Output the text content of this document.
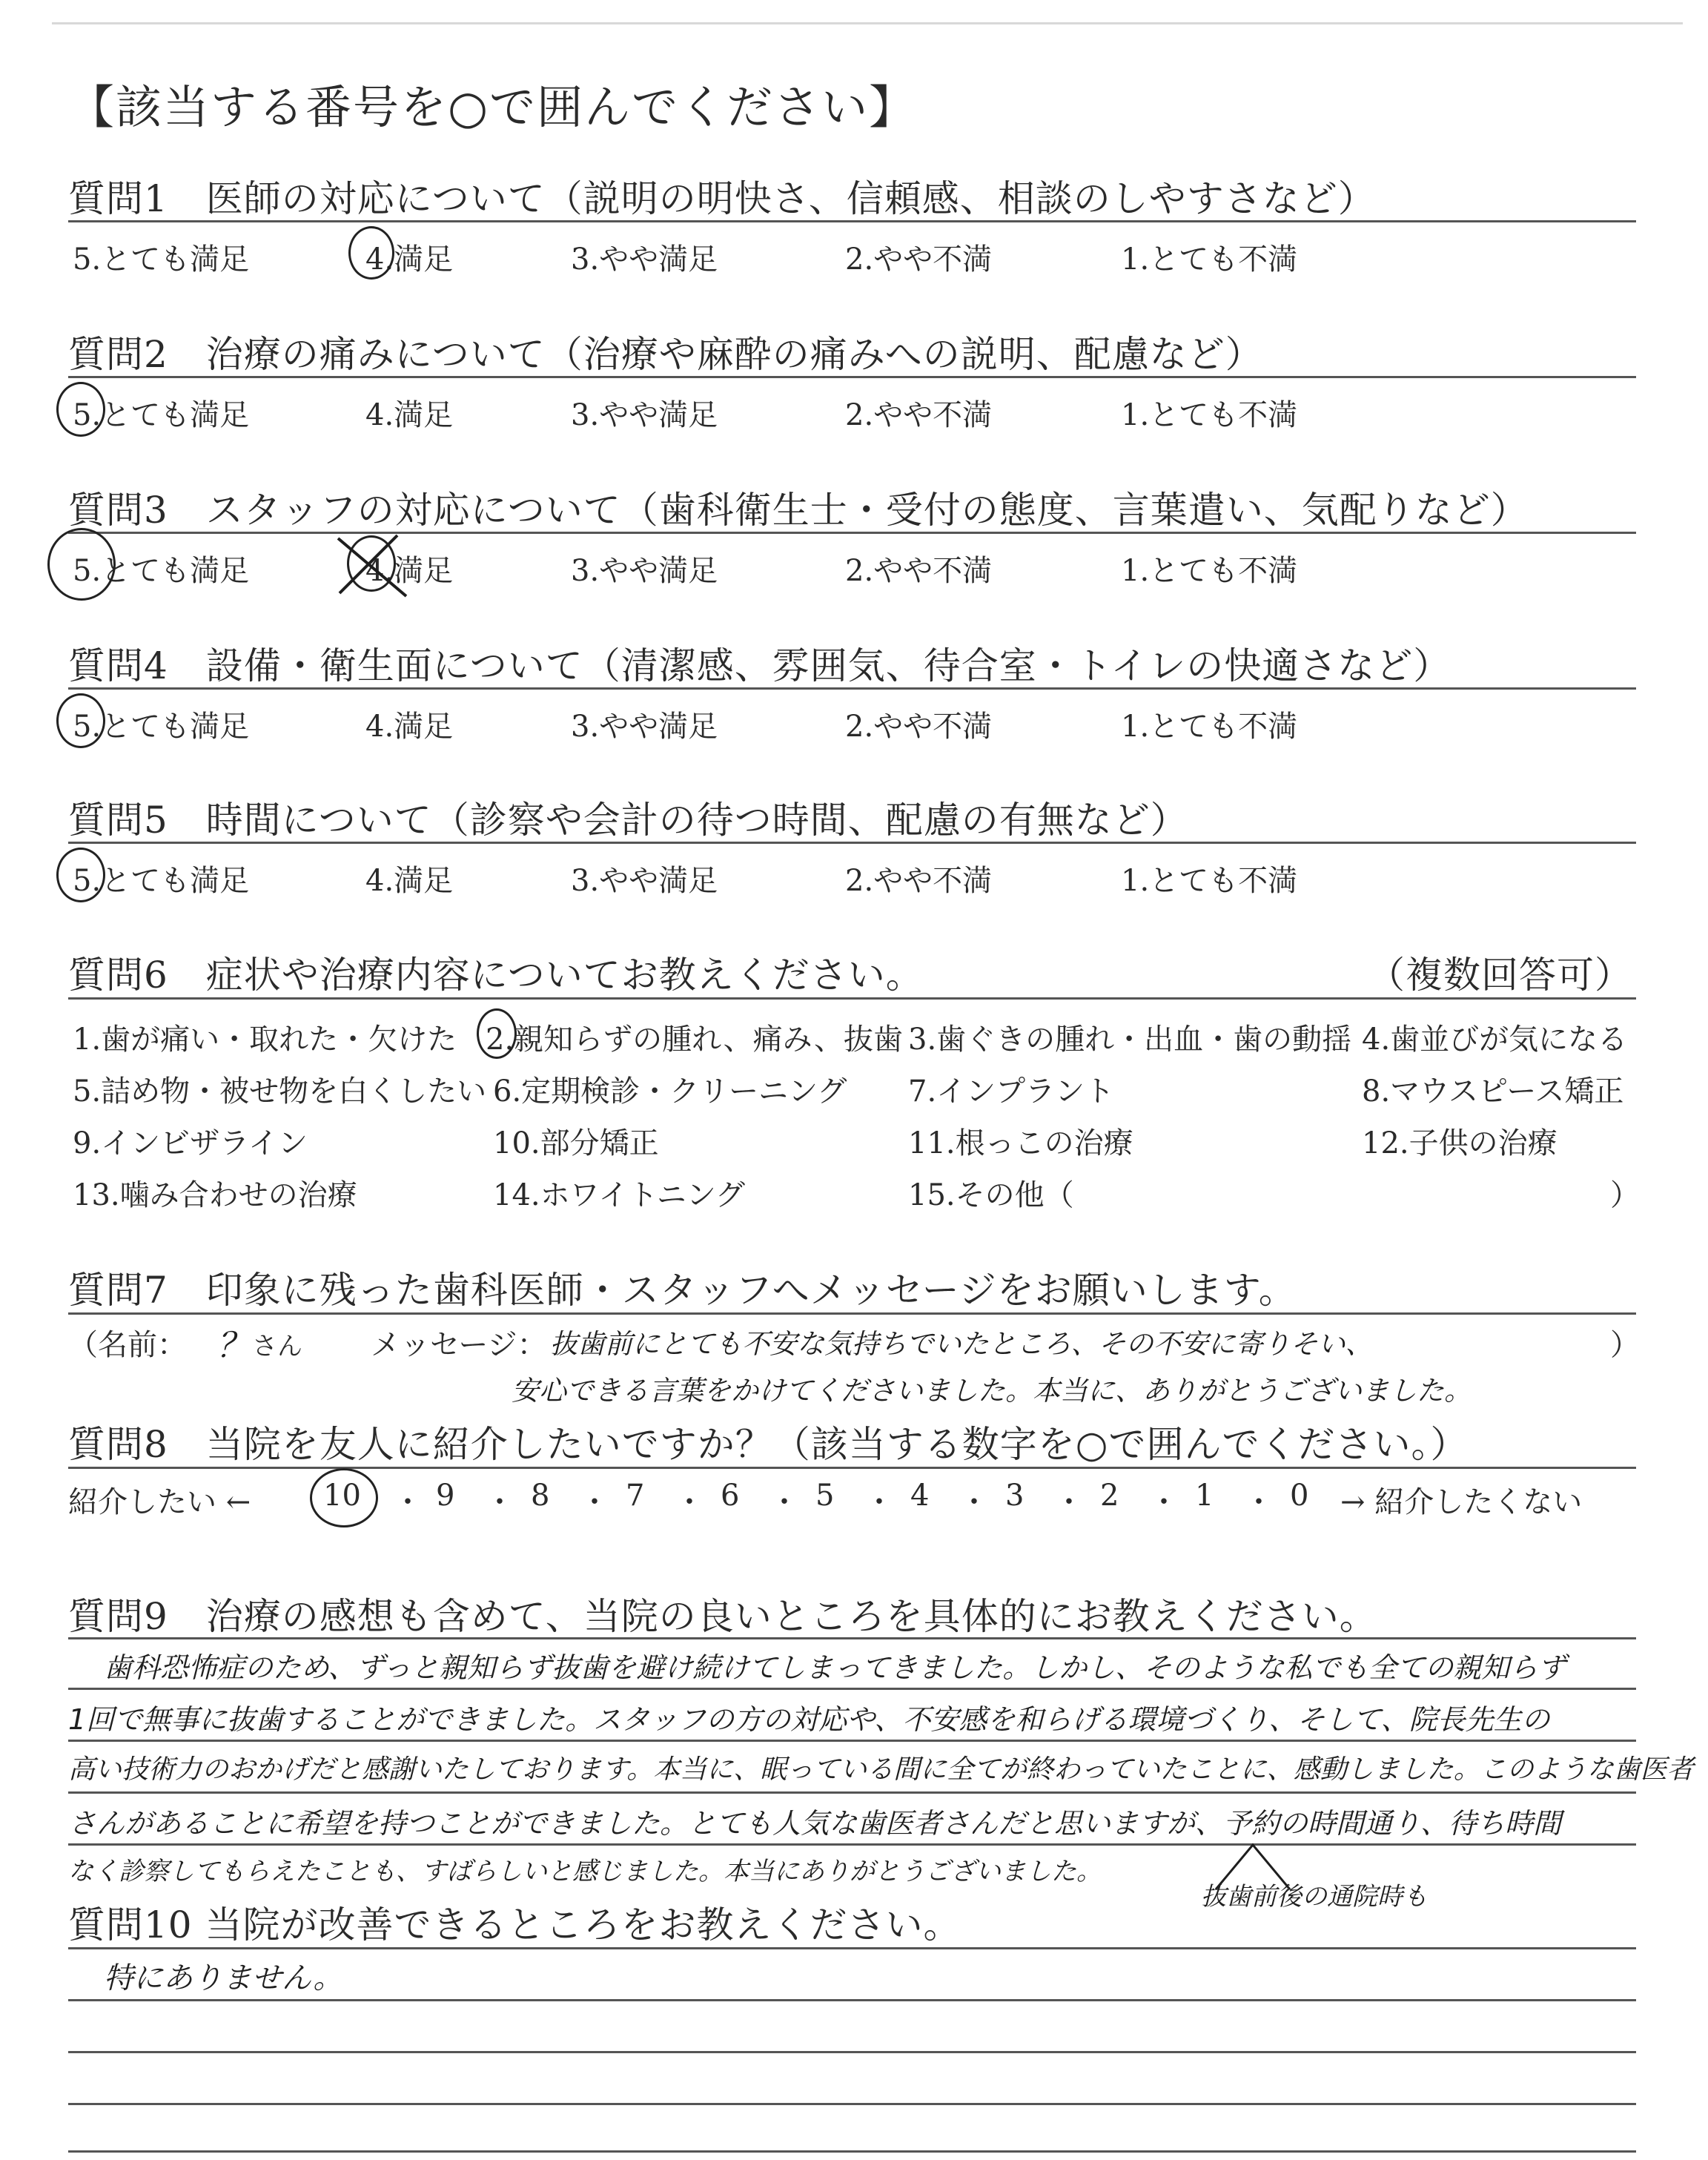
【該当する番号を○で囲んでください】
質問1　医師の対応について（説明の明快さ、信頼感、相談のしやすさなど）
5.とても満足	4.満足	3.やや満足	2.やや不満	1.とても不満
質問2　治療の痛みについて（治療や麻酔の痛みへの説明、配慮など）
5.とても満足	4.満足	3.やや満足	2.やや不満	1.とても不満
質問3　スタッフの対応について（歯科衛生士・受付の態度、言葉遣い、気配りなど）
5.とても満足	4.満足	3.やや満足	2.やや不満	1.とても不満
質問4　設備・衛生面について（清潔感、雰囲気、待合室・トイレの快適さなど）
5.とても満足	4.満足	3.やや満足	2.やや不満	1.とても不満
質問5　時間について（診察や会計の待つ時間、配慮の有無など）
5.とても満足	4.満足	3.やや満足	2.やや不満	1.とても不満
質問6　症状や治療内容についてお教えください。	（複数回答可）
1.歯が痛い・取れた・欠けた 2.親知らずの腫れ、痛み、抜歯 3.歯ぐきの腫れ・出血・歯の動揺 4.歯並びが気になる
5.詰め物・被せ物を白くしたい 6.定期検診・クリーニング 7.インプラント	8.マウスピース矯正
9.インビザライン	10.部分矯正	11.根っこの治療	12.子供の治療
13.噛み合わせの治療	14.ホワイトニング	15.その他（	）
質問7　印象に残った歯科医師・スタッフへメッセージをお願いします。
（名前： ？ さん メッセージ：	）
抜歯前にとても不安な気持ちでいたところ、その不安に寄りそい、
安心できる言葉をかけてくださいました。本当に、ありがとうございました。
質問8　当院を友人に紹介したいですか？（該当する数字を○で囲んでください。）
紹介したい ←	→ 紹介したくない
10 ・ 9 ・ 8 ・ 7 ・ 6 ・ 5 ・ 4 ・ 3 ・ 2 ・ 1 ・ 0
質問9　治療の感想も含めて、当院の良いところを具体的にお教えください。
歯科恐怖症のため、ずっと親知らず抜歯を避け続けてしまってきました。しかし、そのような私でも全ての親知らず
1回で無事に抜歯することができました。スタッフの方の対応や、不安感を和らげる環境づくり、そして、院長先生の
高い技術力のおかげだと感謝いたしております。本当に、眠っている間に全てが終わっていたことに、感動しました。このような歯医者
さんがあることに希望を持つことができました。とても人気な歯医者さんだと思いますが、予約の時間通り、待ち時間
なく診察してもらえたことも、すばらしいと感じました。本当にありがとうございました。
抜歯前後の通院時も
質問10 当院が改善できるところをお教えください。
特にありません。
